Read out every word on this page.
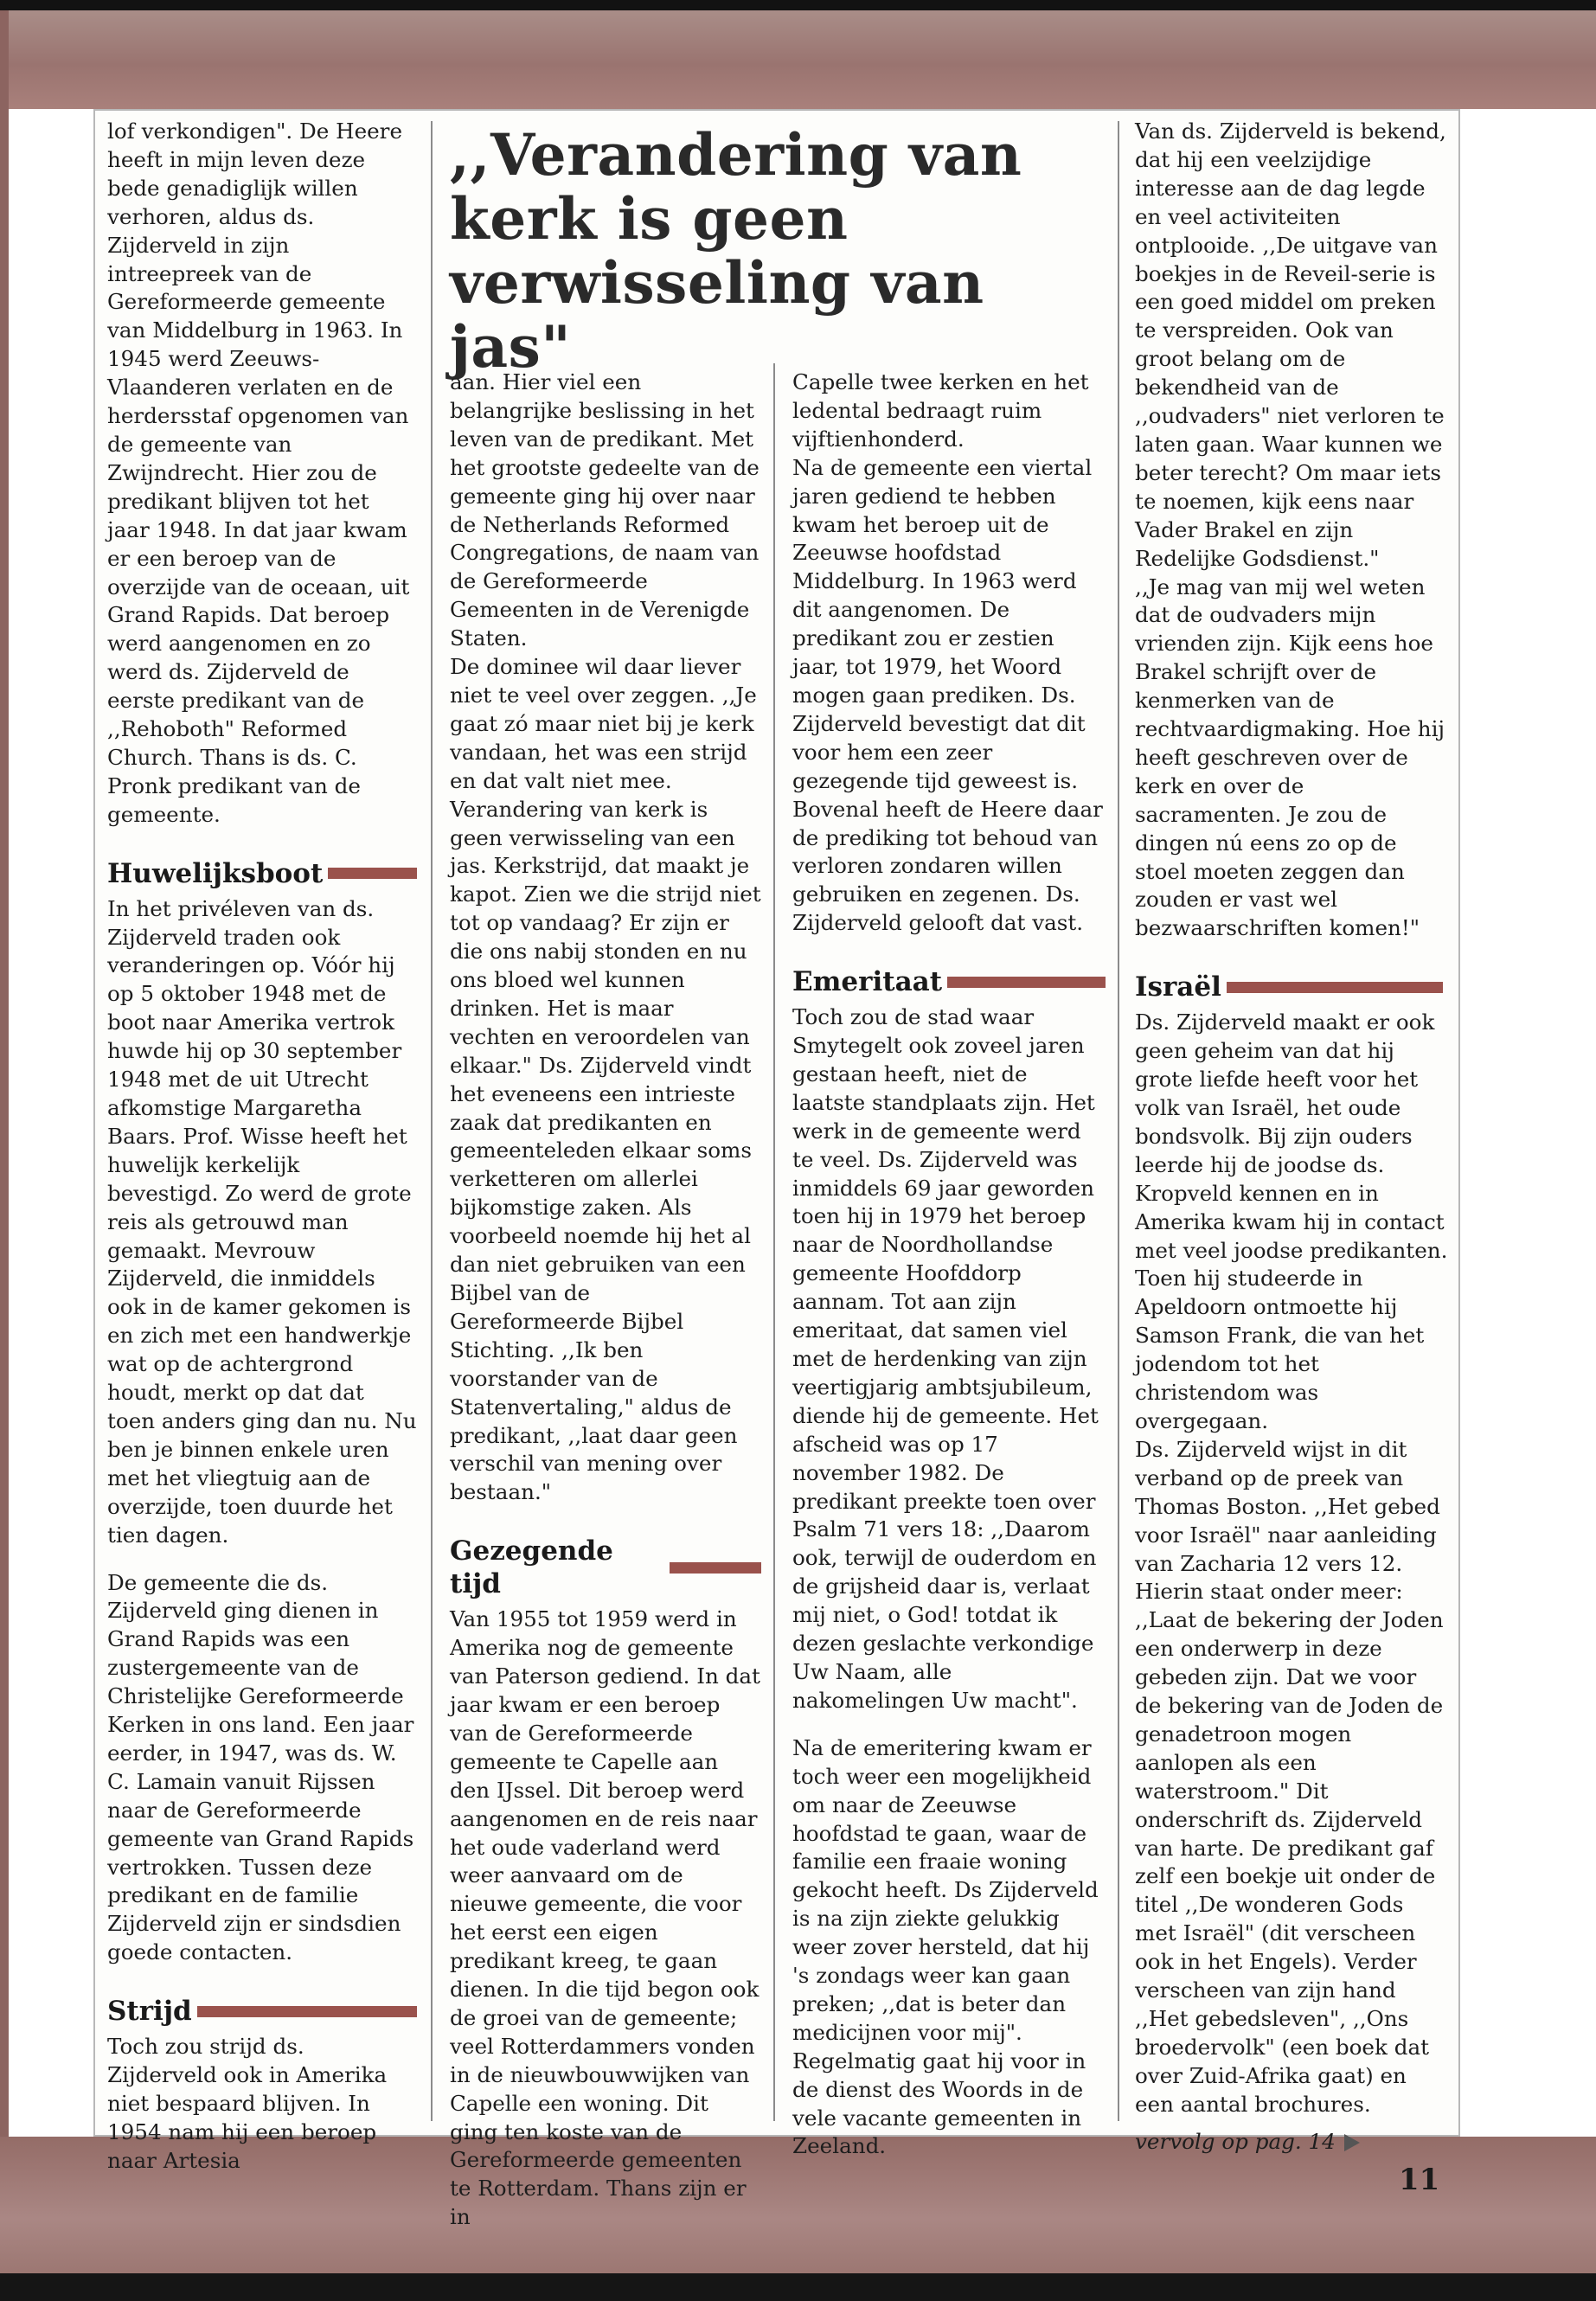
,,Verandering van kerk is geen verwisseling van jas"

lof verkondigen". De Heere heeft in mijn leven deze bede genadiglijk willen verhoren, aldus ds. Zijderveld in zijn intreepreek van de Gereformeerde gemeente van Middelburg in 1963. In 1945 werd Zeeuws-Vlaanderen verlaten en de herdersstaf opgenomen van de gemeente van Zwijndrecht. Hier zou de predikant blijven tot het jaar 1948. In dat jaar kwam er een beroep van de overzijde van de oceaan, uit Grand Rapids. Dat beroep werd aangenomen en zo werd ds. Zijderveld de eerste predikant van de ,,Rehoboth" Reformed Church. Thans is ds. C. Pronk predikant van de gemeente.

Huwelijksboot

In het privéleven van ds. Zijderveld traden ook veranderingen op. Vóór hij op 5 oktober 1948 met de boot naar Amerika vertrok huwde hij op 30 september 1948 met de uit Utrecht afkomstige Margaretha Baars. Prof. Wisse heeft het huwelijk kerkelijk bevestigd. Zo werd de grote reis als getrouwd man gemaakt. Mevrouw Zijderveld, die inmiddels ook in de kamer gekomen is en zich met een handwerkje wat op de achtergrond houdt, merkt op dat dat toen anders ging dan nu. Nu ben je binnen enkele uren met het vliegtuig aan de overzijde, toen duurde het tien dagen.

De gemeente die ds. Zijderveld ging dienen in Grand Rapids was een zustergemeente van de Christelijke Gereformeerde Kerken in ons land. Een jaar eerder, in 1947, was ds. W. C. Lamain vanuit Rijssen naar de Gereformeerde gemeente van Grand Rapids vertrokken. Tussen deze predikant en de familie Zijderveld zijn er sindsdien goede contacten.

Strijd

Toch zou strijd ds. Zijderveld ook in Amerika niet bespaard blijven. In 1954 nam hij een beroep naar Artesia

aan. Hier viel een belangrijke beslissing in het leven van de predikant. Met het grootste gedeelte van de gemeente ging hij over naar de Netherlands Reformed Congregations, de naam van de Gereformeerde Gemeenten in de Verenigde Staten.

De dominee wil daar liever niet te veel over zeggen. ,,Je gaat zó maar niet bij je kerk vandaan, het was een strijd en dat valt niet mee. Verandering van kerk is geen verwisseling van een jas. Kerkstrijd, dat maakt je kapot. Zien we die strijd niet tot op vandaag? Er zijn er die ons nabij stonden en nu ons bloed wel kunnen drinken. Het is maar vechten en veroordelen van elkaar." Ds. Zijderveld vindt het eveneens een intrieste zaak dat predikanten en gemeenteleden elkaar soms verketteren om allerlei bijkomstige zaken. Als voorbeeld noemde hij het al dan niet gebruiken van een Bijbel van de Gereformeerde Bijbel Stichting. ,,Ik ben voorstander van de Statenvertaling," aldus de predikant, ,,laat daar geen verschil van mening over bestaan."

Gezegende tijd

Van 1955 tot 1959 werd in Amerika nog de gemeente van Paterson gediend. In dat jaar kwam er een beroep van de Gereformeerde gemeente te Capelle aan den IJssel. Dit beroep werd aangenomen en de reis naar het oude vaderland werd weer aanvaard om de nieuwe gemeente, die voor het eerst een eigen predikant kreeg, te gaan dienen. In die tijd begon ook de groei van de gemeente; veel Rotterdammers vonden in de nieuwbouwwijken van Capelle een woning. Dit ging ten koste van de Gereformeerde gemeenten te Rotterdam. Thans zijn er in

Capelle twee kerken en het ledental bedraagt ruim vijftienhonderd.

Na de gemeente een viertal jaren gediend te hebben kwam het beroep uit de Zeeuwse hoofdstad Middelburg. In 1963 werd dit aangenomen. De predikant zou er zestien jaar, tot 1979, het Woord mogen gaan prediken. Ds. Zijderveld bevestigt dat dit voor hem een zeer gezegende tijd geweest is. Bovenal heeft de Heere daar de prediking tot behoud van verloren zondaren willen gebruiken en zegenen. Ds. Zijderveld gelooft dat vast.

Emeritaat

Toch zou de stad waar Smytegelt ook zoveel jaren gestaan heeft, niet de laatste standplaats zijn. Het werk in de gemeente werd te veel. Ds. Zijderveld was inmiddels 69 jaar geworden toen hij in 1979 het beroep naar de Noordhollandse gemeente Hoofddorp aannam. Tot aan zijn emeritaat, dat samen viel met de herdenking van zijn veertigjarig ambtsjubileum, diende hij de gemeente. Het afscheid was op 17 november 1982. De predikant preekte toen over Psalm 71 vers 18: ,,Daarom ook, terwijl de ouderdom en de grijsheid daar is, verlaat mij niet, o God! totdat ik dezen geslachte verkondige Uw Naam, alle nakomelingen Uw macht".

Na de emeritering kwam er toch weer een mogelijkheid om naar de Zeeuwse hoofdstad te gaan, waar de familie een fraaie woning gekocht heeft. Ds Zijderveld is na zijn ziekte gelukkig weer zover hersteld, dat hij 's zondags weer kan gaan preken; ,,dat is beter dan medicijnen voor mij". Regelmatig gaat hij voor in de dienst des Woords in de vele vacante gemeenten in Zeeland.

Van ds. Zijderveld is bekend, dat hij een veelzijdige interesse aan de dag legde en veel activiteiten ontplooide. ,,De uitgave van boekjes in de Reveil-serie is een goed middel om preken te verspreiden. Ook van groot belang om de bekendheid van de ,,oudvaders" niet verloren te laten gaan. Waar kunnen we beter terecht? Om maar iets te noemen, kijk eens naar Vader Brakel en zijn Redelijke Godsdienst."

,,Je mag van mij wel weten dat de oudvaders mijn vrienden zijn. Kijk eens hoe Brakel schrijft over de kenmerken van de rechtvaardigmaking. Hoe hij heeft geschreven over de kerk en over de sacramenten. Je zou de dingen nú eens zo op de stoel moeten zeggen dan zouden er vast wel bezwaarschriften komen!"

Israël

Ds. Zijderveld maakt er ook geen geheim van dat hij grote liefde heeft voor het volk van Israël, het oude bondsvolk. Bij zijn ouders leerde hij de joodse ds. Kropveld kennen en in Amerika kwam hij in contact met veel joodse predikanten. Toen hij studeerde in Apeldoorn ontmoette hij Samson Frank, die van het jodendom tot het christendom was overgegaan.

Ds. Zijderveld wijst in dit verband op de preek van Thomas Boston. ,,Het gebed voor Israël" naar aanleiding van Zacharia 12 vers 12. Hierin staat onder meer: ,,Laat de bekering der Joden een onderwerp in deze gebeden zijn. Dat we voor de bekering van de Joden de genadetroon mogen aanlopen als een waterstroom." Dit onderschrift ds. Zijderveld van harte. De predikant gaf zelf een boekje uit onder de titel ,,De wonderen Gods met Israël" (dit verscheen ook in het Engels). Verder verscheen van zijn hand ,,Het gebedsleven", ,,Ons broedervolk" (een boek dat over Zuid-Afrika gaat) en een aantal brochures.

vervolg op pag. 14

11
